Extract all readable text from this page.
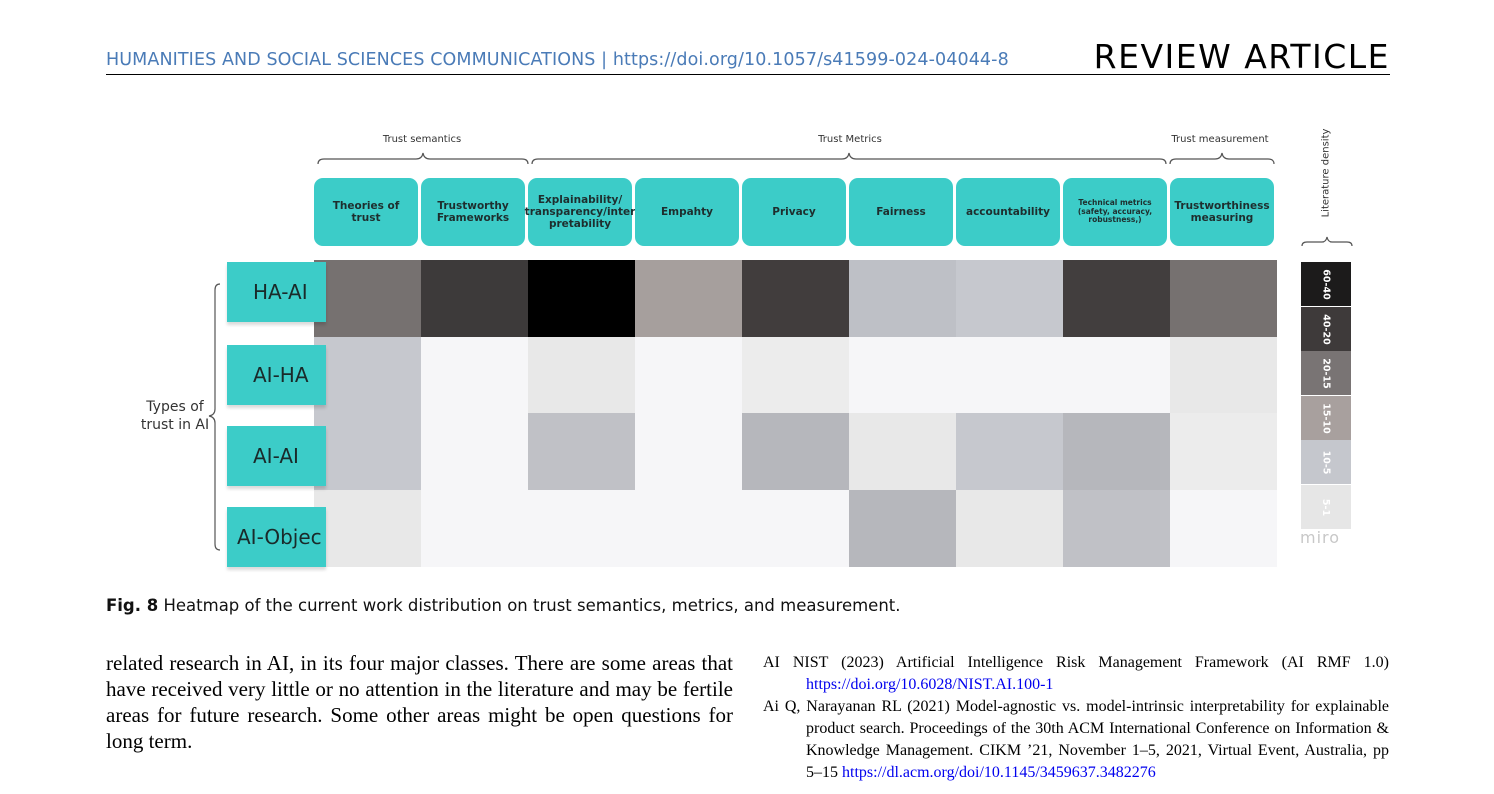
HUMANITIES AND SOCIAL SCIENCES COMMUNICATIONS | https://doi.org/10.1057/s41599-024-04044-8	REVIEW ARTICLE
Trust semantics	Trust Metrics	Trust measurement
Theories of trust
Trustworthy Frameworks
Explainability/ transparency/inter pretability
Empahty	Privacy	Fairness	accountability
Technical metrics (safety, accuracy, robustness,)
Trustworthiness measuring
HA-AI
AI-HA
AI-AI
AI-Objec
Types of trust in AI
Literature density
60-40
40-20
20-15
15-10
10-5
5-1
miro
Fig. 8 Heatmap of the current work distribution on trust semantics, metrics, and measurement.
related research in AI, in its four major classes. There are some areas that have received very little or no attention in the literature and may be fertile areas for future research. Some other areas might be open questions for long term.
AI NIST (2023) Artificial Intelligence Risk Management Framework (AI RMF 1.0) https://doi.org/10.6028/NIST.AI.100-1
Ai Q, Narayanan RL (2021) Model-agnostic vs. model-intrinsic interpretability for explainable product search. Proceedings of the 30th ACM International Conference on Information & Knowledge Management. CIKM ’21, November 1–5, 2021, Virtual Event, Australia, pp 5–15 https://dl.acm.org/doi/10.1145/3459637.3482276
